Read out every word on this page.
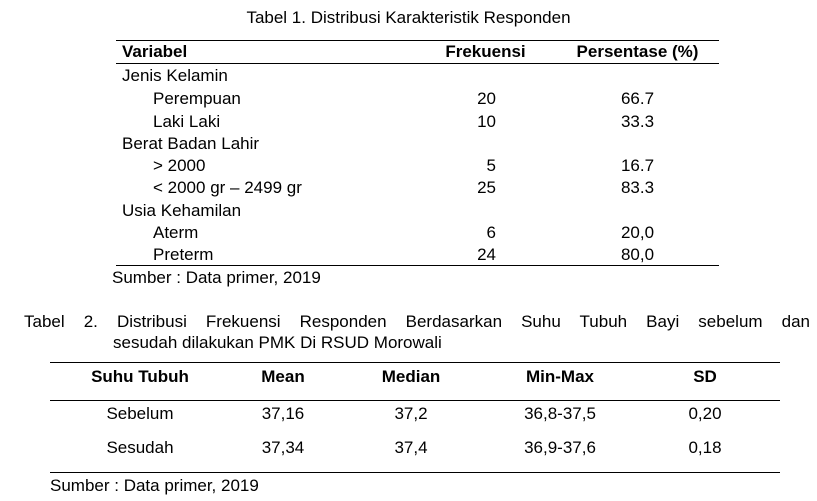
Tabel 1. Distribusi Karakteristik Responden
Variabel	Frekuensi	Persentase (%)
Jenis Kelamin
Perempuan	20	66.7
Laki Laki	10	33.3
Berat Badan Lahir
> 2000	5	16.7
< 2000 gr – 2499 gr	25	83.3
Usia Kehamilan
Aterm	6	20,0
Preterm	24	80,0
Sumber : Data primer, 2019
Tabel 2. Distribusi Frekuensi Responden Berdasarkan Suhu Tubuh Bayi sebelum dan
sesudah dilakukan PMK Di RSUD Morowali
Suhu Tubuh	Mean	Median	Min-Max	SD
Sebelum	37,16	37,2	36,8-37,5	0,20
Sesudah	37,34	37,4	36,9-37,6	0,18
Sumber : Data primer, 2019
